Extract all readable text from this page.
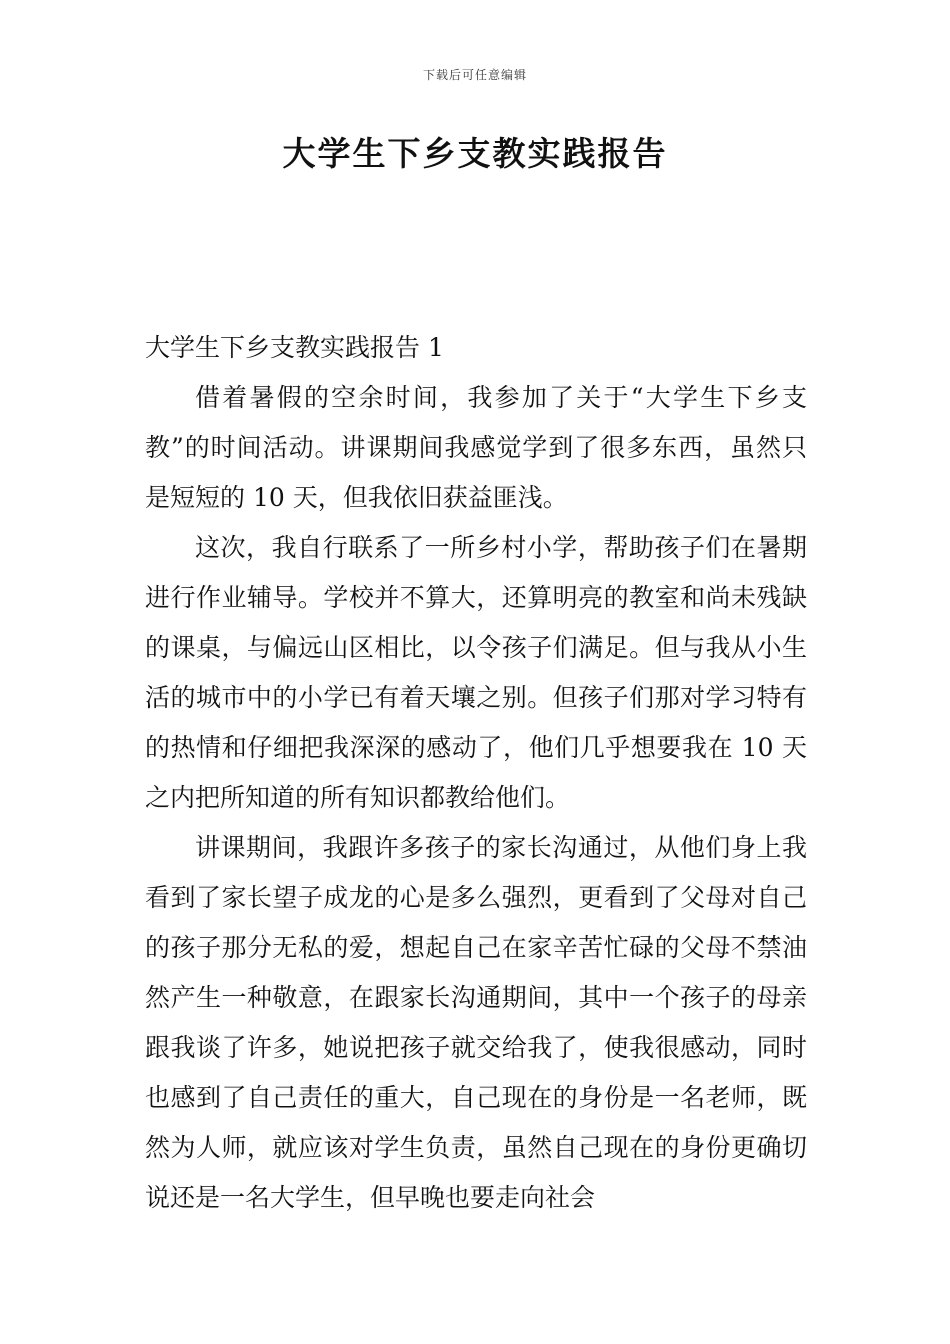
下载后可任意编辑
大学生下乡支教实践报告
大学生下乡支教实践报告 1

借着暑假的空余时间，我参加了关于“大学生下乡支教”的时间活动。讲课期间我感觉学到了很多东西，虽然只是短短的 10 天，但我依旧获益匪浅。

这次，我自行联系了一所乡村小学，帮助孩子们在暑期进行作业辅导。学校并不算大，还算明亮的教室和尚未残缺的课桌，与偏远山区相比，以令孩子们满足。但与我从小生活的城市中的小学已有着天壤之别。但孩子们那对学习特有的热情和仔细把我深深的感动了，他们几乎想要我在 10 天之内把所知道的所有知识都教给他们。

讲课期间，我跟许多孩子的家长沟通过，从他们身上我看到了家长望子成龙的心是多么强烈，更看到了父母对自己的孩子那分无私的爱，想起自己在家辛苦忙碌的父母不禁油然产生一种敬意，在跟家长沟通期间，其中一个孩子的母亲跟我谈了许多，她说把孩子就交给我了，使我很感动，同时也感到了自己责任的重大，自己现在的身份是一名老师，既然为人师，就应该对学生负责，虽然自己现在的身份更确切说还是一名大学生，但早晚也要走向社会
